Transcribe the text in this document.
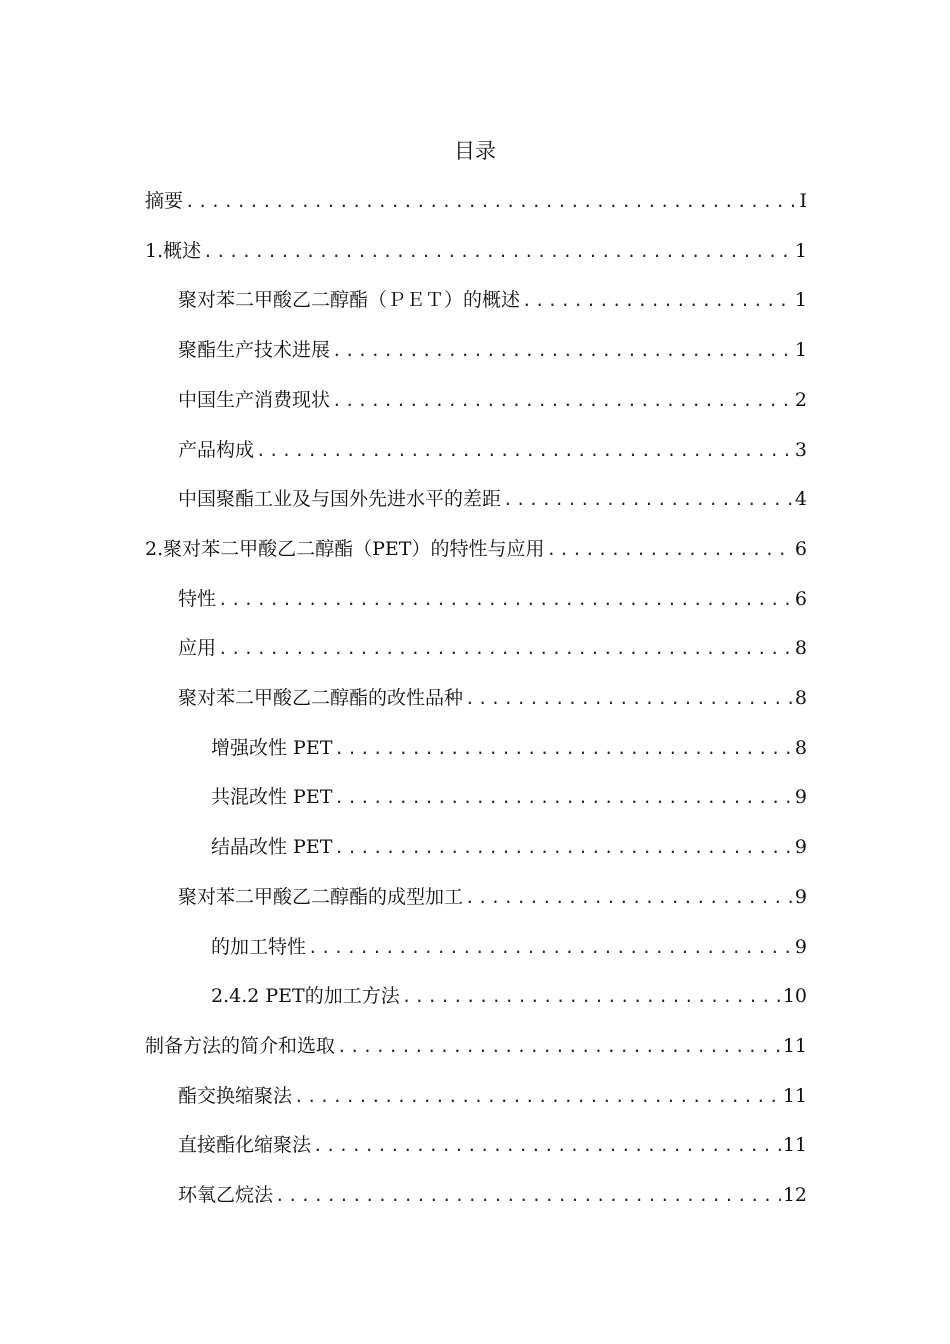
目录
摘要 .....	I
1.概述 .....	1
聚对苯二甲酸乙二醇酯（ＰＥＴ）的概述 .....	1
聚酯生产技术进展 .....	1
中国生产消费现状 .....	2
产品构成 .....	3
中国聚酯工业及与国外先进水平的差距 .....	4
2.聚对苯二甲酸乙二醇酯（PET）的特性与应用 .....	6
特性 .....	6
应用 .....	8
聚对苯二甲酸乙二醇酯的改性品种 .....	8
增强改性 PET .....	8
共混改性 PET .....	9
结晶改性 PET .....	9
聚对苯二甲酸乙二醇酯的成型加工 .....	9
的加工特性 .....	9
2.4.2 PET的加工方法 .....	10
制备方法的简介和选取 .....	11
酯交换缩聚法 .....	11
直接酯化缩聚法 .....	11
环氧乙烷法 .....	12
